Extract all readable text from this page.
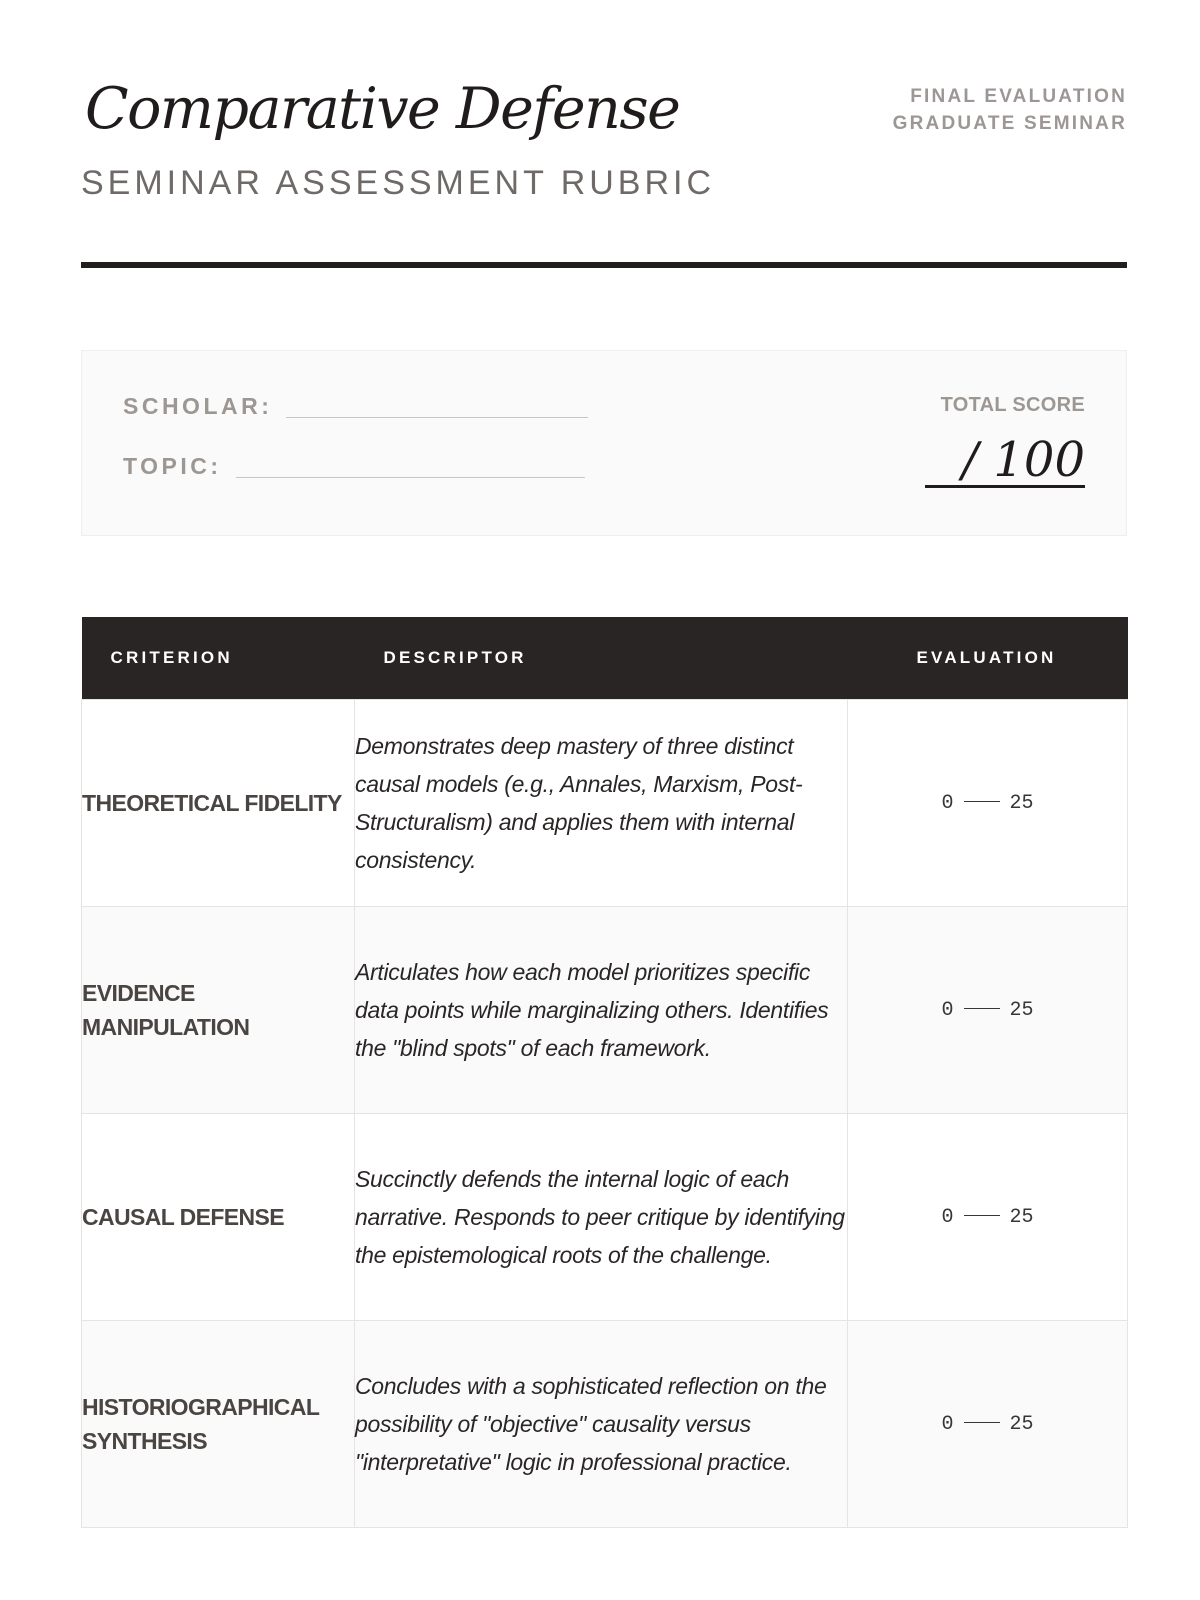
Comparative Defense
SEMINAR ASSESSMENT RUBRIC
FINAL EVALUATION
GRADUATE SEMINAR
SCHOLAR:
TOPIC:
TOTAL SCORE
/ 100
CRITERION	DESCRIPTOR	EVALUATION
THEORETICAL FIDELITY	Demonstrates deep mastery of three distinct causal models (e.g., Annales, Marxism, Post-Structuralism) and applies them with internal consistency.	0 25
EVIDENCE MANIPULATION	Articulates how each model prioritizes specific data points while marginalizing others. Identifies the "blind spots" of each framework.	0 25
CAUSAL DEFENSE	Succinctly defends the internal logic of each narrative. Responds to peer critique by identifying the epistemological roots of the challenge.	0 25
HISTORIOGRAPHICAL SYNTHESIS	Concludes with a sophisticated reflection on the possibility of "objective" causality versus "interpretative" logic in professional practice.	0 25
